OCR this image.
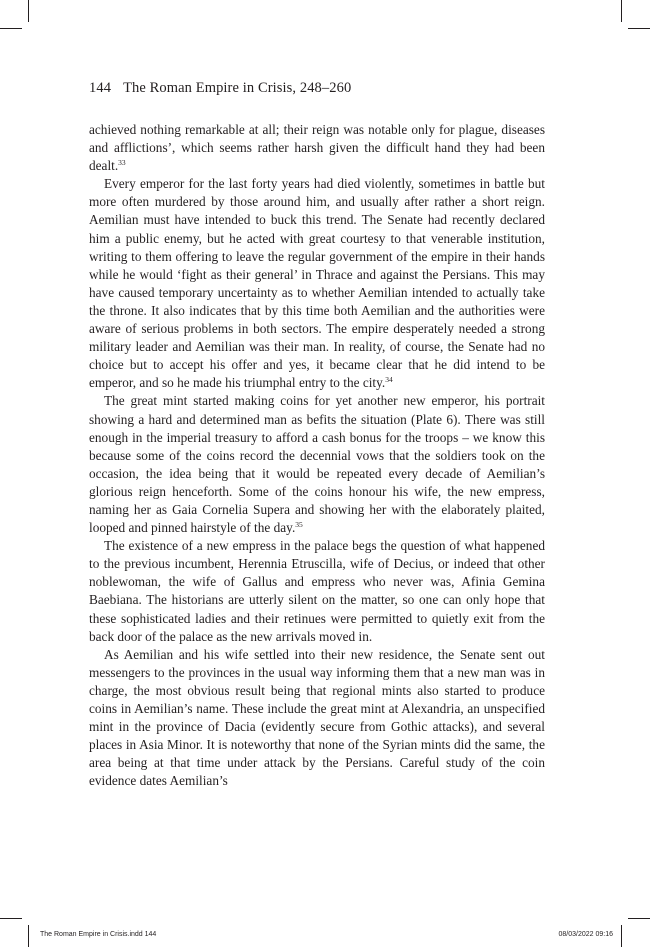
144 The Roman Empire in Crisis, 248–260

achieved nothing remarkable at all; their reign was notable only for plague, diseases and afflictions’, which seems rather harsh given the difficult hand they had been dealt.$^{33}$

Every emperor for the last forty years had died violently, sometimes in battle but more often murdered by those around him, and usually after rather a short reign. Aemilian must have intended to buck this trend. The Senate had recently declared him a public enemy, but he acted with great courtesy to that venerable institution, writing to them offering to leave the regular government of the empire in their hands while he would ‘fight as their general’ in Thrace and against the Persians. This may have caused temporary uncertainty as to whether Aemilian intended to actually take the throne. It also indicates that by this time both Aemilian and the authorities were aware of serious problems in both sectors. The empire desperately needed a strong military leader and Aemilian was their man. In reality, of course, the Senate had no choice but to accept his offer and yes, it became clear that he did intend to be emperor, and so he made his triumphal entry to the city.$^{34}$

The great mint started making coins for yet another new emperor, his portrait showing a hard and determined man as befits the situation (Plate 6). There was still enough in the imperial treasury to afford a cash bonus for the troops – we know this because some of the coins record the decennial vows that the soldiers took on the occasion, the idea being that it would be repeated every decade of Aemilian’s glorious reign henceforth. Some of the coins honour his wife, the new empress, naming her as Gaia Cornelia Supera and showing her with the elaborately plaited, looped and pinned hairstyle of the day.$^{35}$

The existence of a new empress in the palace begs the question of what happened to the previous incumbent, Herennia Etruscilla, wife of Decius, or indeed that other noblewoman, the wife of Gallus and empress who never was, Afinia Gemina Baebiana. The historians are utterly silent on the matter, so one can only hope that these sophisticated ladies and their retinues were permitted to quietly exit from the back door of the palace as the new arrivals moved in.

As Aemilian and his wife settled into their new residence, the Senate sent out messengers to the provinces in the usual way informing them that a new man was in charge, the most obvious result being that regional mints also started to produce coins in Aemilian’s name. These include the great mint at Alexandria, an unspecified mint in the province of Dacia (evidently secure from Gothic attacks), and several places in Asia Minor. It is noteworthy that none of the Syrian mints did the same, the area being at that time under attack by the Persians. Careful study of the coin evidence dates Aemilian’s

The Roman Empire in Crisis.indd 144	08/03/2022 09:16
